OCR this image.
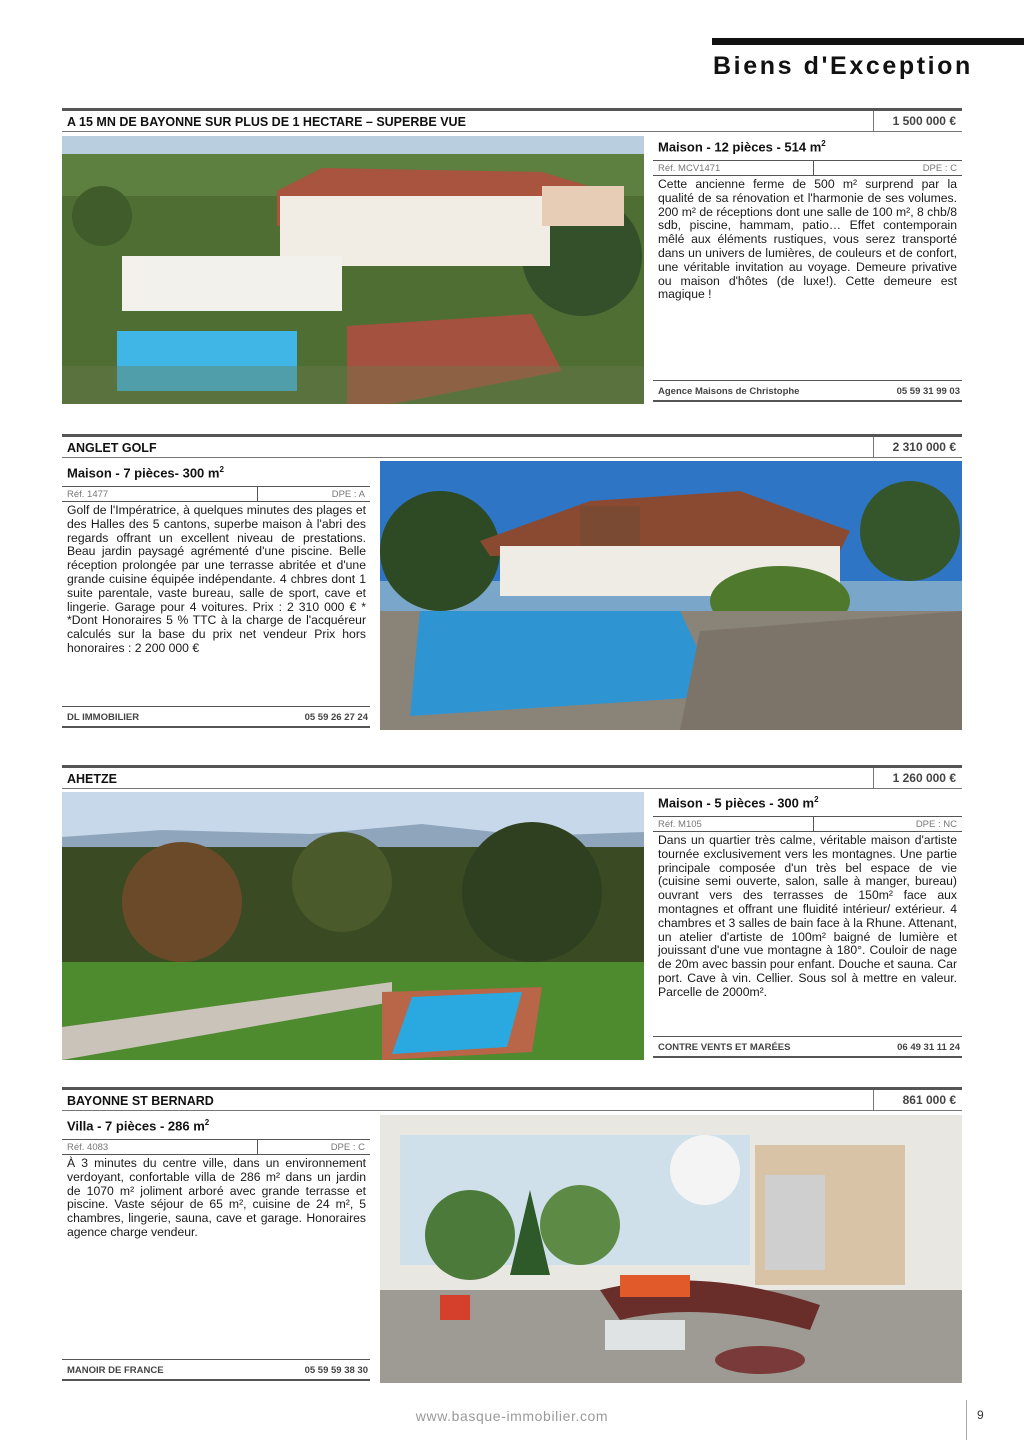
Biens d'Exception
A 15 MN DE BAYONNE SUR PLUS DE 1 HECTARE – SUPERBE VUE	1 500 000 €
Maison - 12 pièces - 514 $m^2$
Réf. MCV1471	DPE : C
Cette ancienne ferme de 500 m² surprend par la qualité de sa rénovation et l'harmonie de ses volumes. 200 m² de réceptions dont une salle de 100 m², 8 chb/8 sdb, piscine, hammam, patio… Effet contemporain mêlé aux éléments rustiques, vous serez transporté dans un univers de lumières, de couleurs et de confort, une véritable invitation au voyage. Demeure privative ou maison d'hôtes (de luxe!). Cette demeure est magique !
Agence Maisons de Christophe	05 59 31 99 03
ANGLET GOLF	2 310 000 €
Maison - 7 pièces- 300 $m^2$
Réf. 1477	DPE : A
Golf de l'Impératrice, à quelques minutes des plages et des Halles des 5 cantons, superbe maison à l'abri des regards offrant un excellent niveau de prestations. Beau jardin paysagé agrémenté d'une piscine. Belle réception prolongée par une terrasse abritée et d'une grande cuisine équipée indépendante. 4 chbres dont 1 suite parentale, vaste bureau, salle de sport, cave et lingerie. Garage pour 4 voitures. Prix : 2 310 000 € * *Dont Honoraires 5 % TTC à la charge de l'acquéreur calculés sur la base du prix net vendeur Prix hors honoraires : 2 200 000 €
DL IMMOBILIER	05 59 26 27 24
AHETZE	1 260 000 €
Maison - 5 pièces - 300 $m^2$
Réf. M105	DPE : NC
Dans un quartier très calme, véritable maison d'artiste tournée exclusivement vers les montagnes. Une partie principale composée d'un très bel espace de vie (cuisine semi ouverte, salon, salle à manger, bureau) ouvrant vers des terrasses de 150m² face aux montagnes et offrant une fluidité intérieur/ extérieur. 4 chambres et 3 salles de bain face à la Rhune. Attenant, un atelier d'artiste de 100m² baigné de lumière et jouissant d'une vue montagne à 180°. Couloir de nage de 20m avec bassin pour enfant. Douche et sauna. Car port. Cave à vin. Cellier. Sous sol à mettre en valeur. Parcelle de 2000m².
CONTRE VENTS ET MARÉES	06 49 31 11 24
BAYONNE ST BERNARD	861 000 €
Villa - 7 pièces - 286 $m^2$
Réf. 4083	DPE : C
À 3 minutes du centre ville, dans un environnement verdoyant, confortable villa de 286 m² dans un jardin de 1070 m² joliment arboré avec grande terrasse et piscine. Vaste séjour de 65 m², cuisine de 24 m², 5 chambres, lingerie, sauna, cave et garage. Honoraires agence charge vendeur.
MANOIR DE FRANCE	05 59 59 38 30
www.basque-immobilier.com	9
